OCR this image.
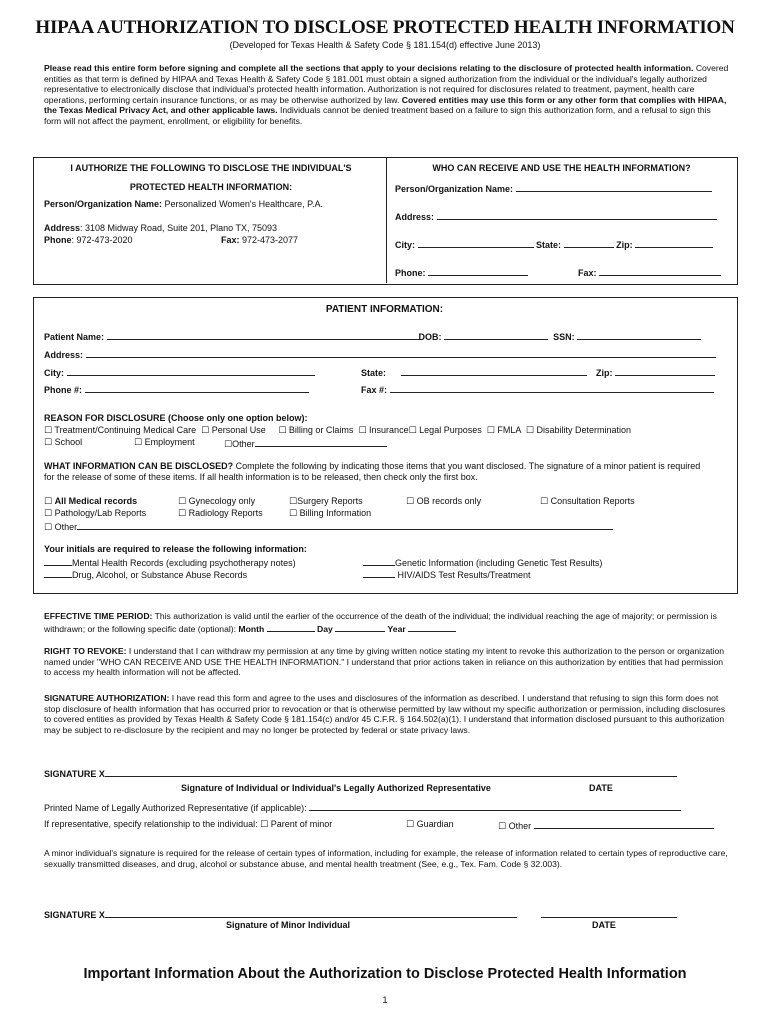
HIPAA AUTHORIZATION TO DISCLOSE PROTECTED HEALTH INFORMATION
(Developed for Texas Health & Safety Code § 181.154(d) effective June 2013)
Please read this entire form before signing and complete all the sections that apply to your decisions relating to the disclosure of protected health information. Covered entities as that term is defined by HIPAA and Texas Health & Safety Code § 181.001 must obtain a signed authorization from the individual or the individual's legally authorized representative to electronically disclose that individual's protected health information. Authorization is not required for disclosures related to treatment, payment, health care operations, performing certain insurance functions, or as may be otherwise authorized by law. Covered entities may use this form or any other form that complies with HIPAA, the Texas Medical Privacy Act, and other applicable laws. Individuals cannot be denied treatment based on a failure to sign this authorization form, and a refusal to sign this form will not affect the payment, enrollment, or eligibility for benefits.
I AUTHORIZE THE FOLLOWING TO DISCLOSE THE INDIVIDUAL'S
PROTECTED HEALTH INFORMATION:
Person/Organization Name: Personalized Women's Healthcare, P.A.
Address: 3108 Midway Road, Suite 201, Plano TX, 75093
Phone: 972-473-2020	Fax: 972-473-2077
WHO CAN RECEIVE AND USE THE HEALTH INFORMATION?
Person/Organization Name:
Address:
City:	State:	Zip:
Phone:	Fax:
PATIENT INFORMATION:
Patient Name:	DOB:	SSN:
Address:
City:	State:	Zip:
Phone #:	Fax #:
REASON FOR DISCLOSURE (Choose only one option below):
☐ Treatment/Continuing Medical Care ☐ Personal Use ☐ Billing or Claims ☐ Insurance☐ Legal Purposes ☐ FMLA ☐ Disability Determination
☐ School	☐ Employment	☐Other
WHAT INFORMATION CAN BE DISCLOSED? Complete the following by indicating those items that you want disclosed. The signature of a minor patient is required for the release of some of these items. If all health information is to be released, then check only the first box.
☐ All Medical records	☐ Gynecology only	☐Surgery Reports	☐ OB records only	☐ Consultation Reports
☐ Pathology/Lab Reports	☐ Radiology Reports	☐ Billing Information
☐ Other
Your initials are required to release the following information:
Mental Health Records (excluding psychotherapy notes)	Genetic Information (including Genetic Test Results)
Drug, Alcohol, or Substance Abuse Records	HIV/AIDS Test Results/Treatment
EFFECTIVE TIME PERIOD: This authorization is valid until the earlier of the occurrence of the death of the individual; the individual reaching the age of majority; or permission is withdrawn; or the following specific date (optional): Month	Day	Year
RIGHT TO REVOKE: I understand that I can withdraw my permission at any time by giving written notice stating my intent to revoke this authorization to the person or organization named under "WHO CAN RECEIVE AND USE THE HEALTH INFORMATION." I understand that prior actions taken in reliance on this authorization by entities that had permission to access my health information will not be affected.
SIGNATURE AUTHORIZATION: I have read this form and agree to the uses and disclosures of the information as described. I understand that refusing to sign this form does not stop disclosure of health information that has occurred prior to revocation or that is otherwise permitted by law without my specific authorization or permission, including disclosures to covered entities as provided by Texas Health & Safety Code § 181.154(c) and/or 45 C.F.R. § 164.502(a)(1). I understand that information disclosed pursuant to this authorization may be subject to re-disclosure by the recipient and may no longer be protected by federal or state privacy laws.
SIGNATURE X
Signature of Individual or Individual's Legally Authorized Representative	DATE
Printed Name of Legally Authorized Representative (if applicable):
If representative, specify relationship to the individual: ☐ Parent of minor	☐ Guardian	☐ Other
A minor individual's signature is required for the release of certain types of information, including for example, the release of information related to certain types of reproductive care, sexually transmitted diseases, and drug, alcohol or substance abuse, and mental health treatment (See, e.g., Tex. Fam. Code § 32.003).
SIGNATURE X
Signature of Minor Individual	DATE
Important Information About the Authorization to Disclose Protected Health Information
1
